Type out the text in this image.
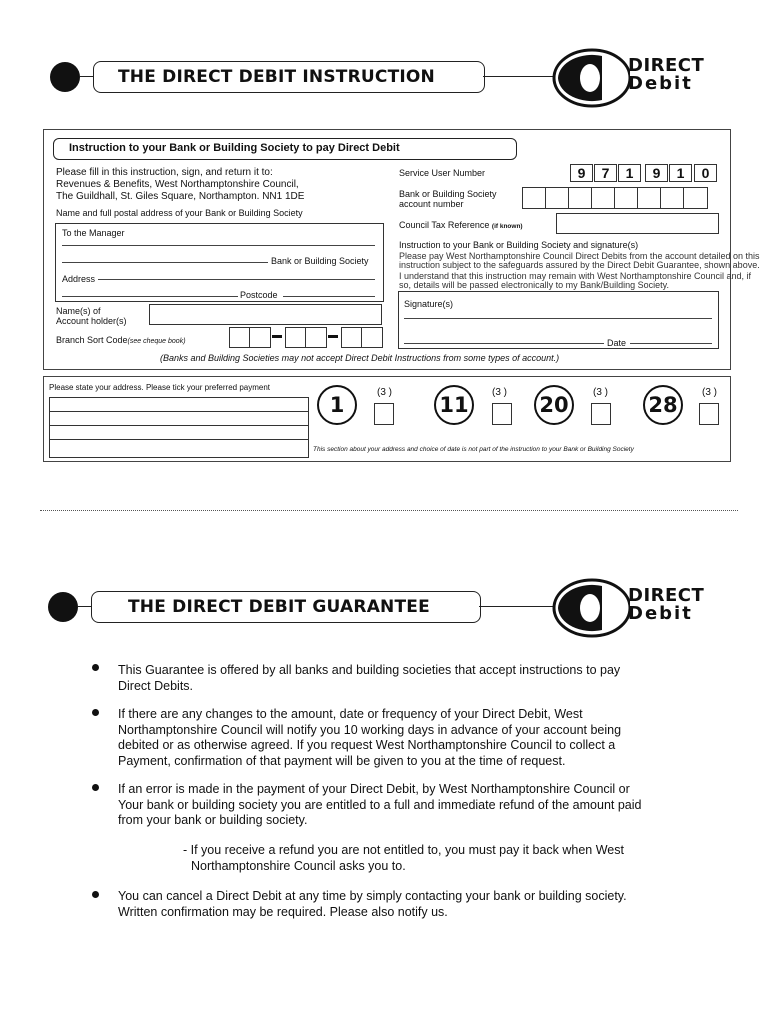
THE DIRECT DEBIT INSTRUCTION
DIRECT
Debit
Instruction to your Bank or Building Society to pay Direct Debit
Please fill in this instruction, sign, and return it to:
Revenues & Benefits, West Northamptonshire Council,
The Guildhall, St. Giles Square, Northampton. NN1 1DE
Name and full postal address of your Bank or Building Society
To the Manager
Bank or Building Society
Address
Postcode
Name(s) of
Account holder(s)
Branch Sort Code(see cheque book)
Service User Number	9	7	1	9	1	0
Bank or Building Society
account number
Council Tax Reference (if known)
Instruction to your Bank or Building Society and signature(s)
Please pay West Northamptonshire Council Direct Debits from the account detailed on this
instruction subject to the safeguards assured by the Direct Debit Guarantee, shown above.
I understand that this instruction may remain with West Northamptonshire Council and, if
so, details will be passed electronically to my Bank/Building Society.
Signature(s)
Date
(Banks and Building Societies may not accept Direct Debit Instructions from some types of account.)
Please state your address. Please tick your preferred payment
1
(3 )
11
(3 )
20
(3 )
28
(3 )
This section about your address and choice of date is not part of the instruction to your Bank or Building Society
THE DIRECT DEBIT GUARANTEE
DIRECT
Debit
This Guarantee is offered by all banks and building societies that accept instructions to pay
Direct Debits.
If there are any changes to the amount, date or frequency of your Direct Debit, West
Northamptonshire Council will notify you 10 working days in advance of your account being
debited or as otherwise agreed. If you request West Northamptonshire Council to collect a
Payment, confirmation of that payment will be given to you at the time of request.
If an error is made in the payment of your Direct Debit, by West Northamptonshire Council or
Your bank or building society you are entitled to a full and immediate refund of the amount paid
from your bank or building society.
- If you receive a refund you are not entitled to, you must pay it back when West
Northamptonshire Council asks you to.
You can cancel a Direct Debit at any time by simply contacting your bank or building society.
Written confirmation may be required. Please also notify us.
